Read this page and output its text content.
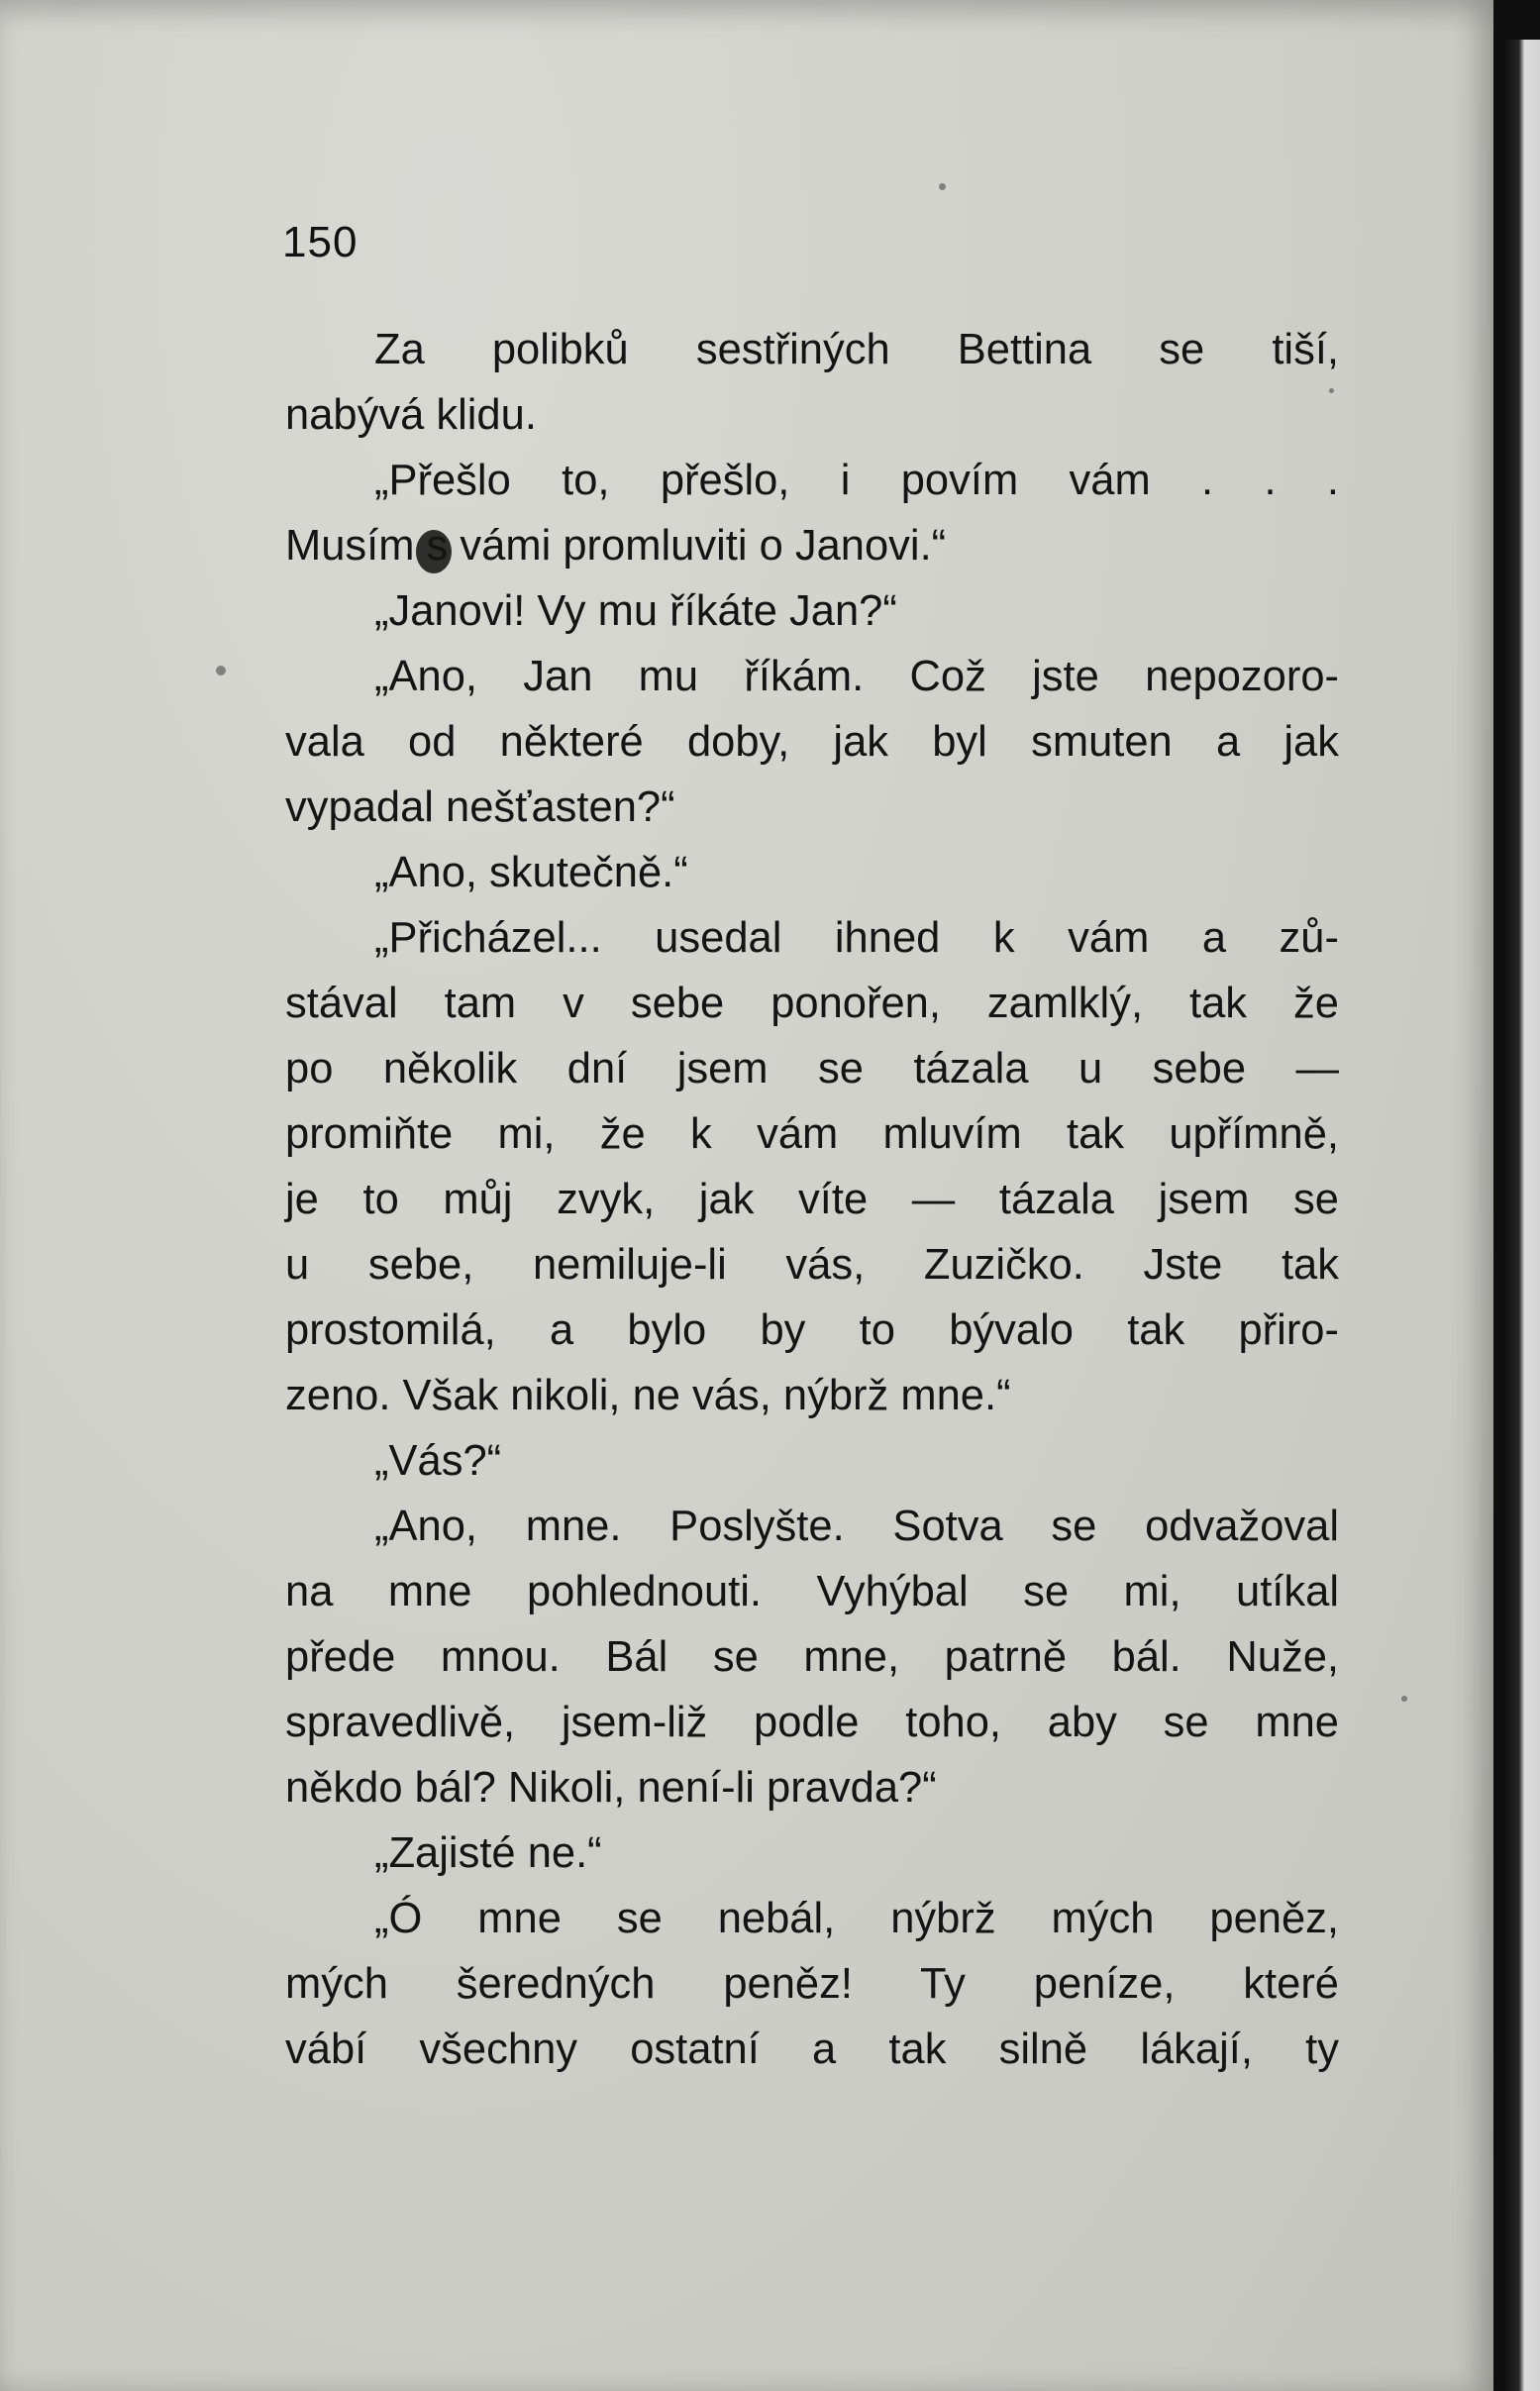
150
Za polibků sestřiných Bettina se tiší,
nabývá klidu.
„Přešlo to, přešlo, i povím vám . . .
Musím s vámi promluviti o Janovi.“
„Janovi! Vy mu říkáte Jan?“
„Ano, Jan mu říkám. Což jste nepozoro-
vala od některé doby, jak byl smuten a jak
vypadal nešťasten?“
„Ano, skutečně.“
„Přicházel... usedal ihned k vám a zů-
stával tam v sebe ponořen, zamlklý, tak že
po několik dní jsem se tázala u sebe —
promiňte mi, že k vám mluvím tak upřímně,
je to můj zvyk, jak víte — tázala jsem se
u sebe, nemiluje-li vás, Zuzičko. Jste tak
prostomilá, a bylo by to bývalo tak přiro-
zeno. Však nikoli, ne vás, nýbrž mne.“
„Vás?“
„Ano, mne. Poslyšte. Sotva se odvažoval
na mne pohlednouti. Vyhýbal se mi, utíkal
přede mnou. Bál se mne, patrně bál. Nuže,
spravedlivě, jsem-liž podle toho, aby se mne
někdo bál? Nikoli, není-li pravda?“
„Zajisté ne.“
„Ó mne se nebál, nýbrž mých peněz,
mých šeredných peněz! Ty peníze, které
vábí všechny ostatní a tak silně lákají, ty
